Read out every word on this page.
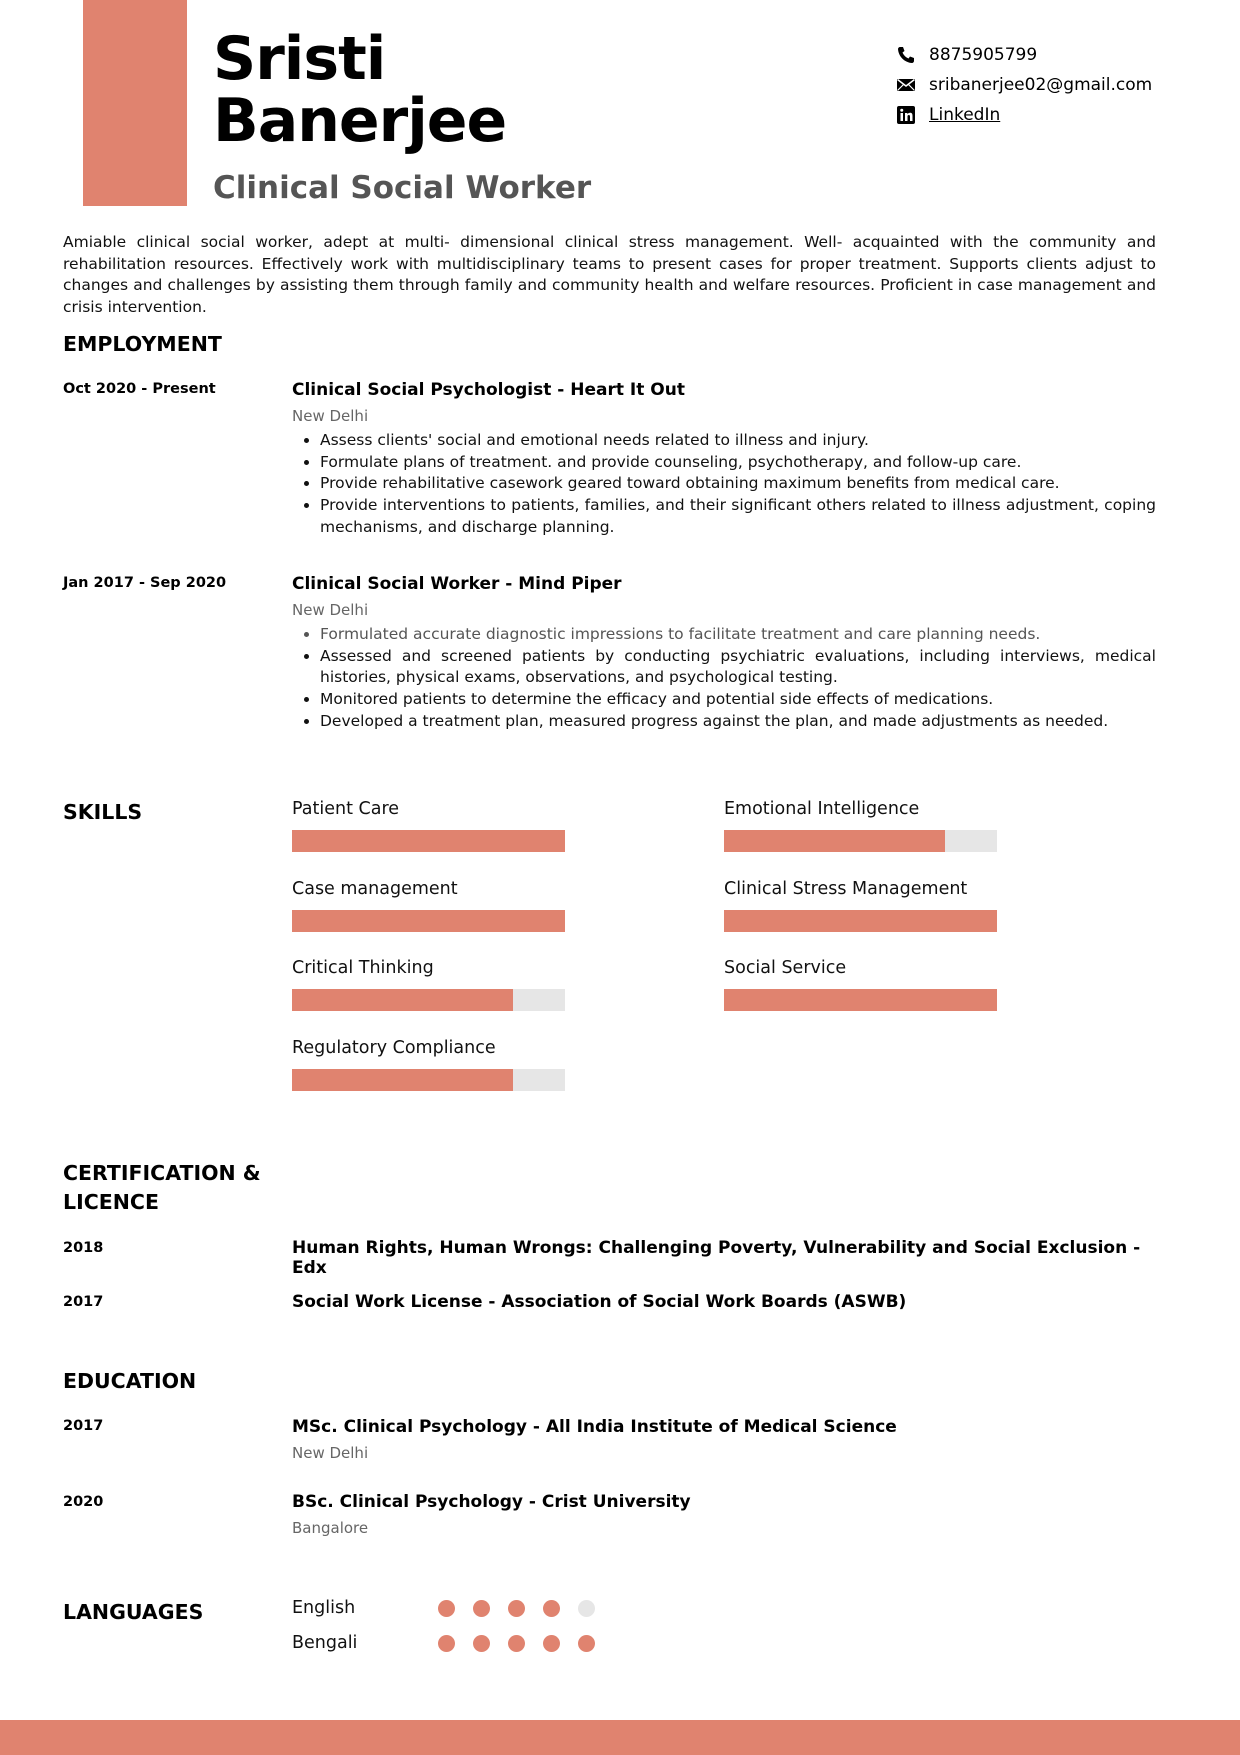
Sristi
Banerjee
Clinical Social Worker
8875905799
sribanerjee02@gmail.com
LinkedIn
Amiable clinical social worker, adept at multi- dimensional clinical stress management. Well- acquainted with the community and rehabilitation resources. Effectively work with multidisciplinary teams to present cases for proper treatment. Supports clients adjust to changes and challenges by assisting them through family and community health and welfare resources. Proficient in case management and crisis intervention.
EMPLOYMENT
Oct 2020 - Present	Clinical Social Psychologist - Heart It Out
New Delhi
• Assess clients' social and emotional needs related to illness and injury.
• Formulate plans of treatment. and provide counseling, psychotherapy, and follow-up care.
• Provide rehabilitative casework geared toward obtaining maximum benefits from medical care.
• Provide interventions to patients, families, and their significant others related to illness adjustment, coping mechanisms, and discharge planning.
Jan 2017 - Sep 2020	Clinical Social Worker - Mind Piper
New Delhi
• Formulated accurate diagnostic impressions to facilitate treatment and care planning needs.
• Assessed and screened patients by conducting psychiatric evaluations, including interviews, medical histories, physical exams, observations, and psychological testing.
• Monitored patients to determine the efficacy and potential side effects of medications.
• Developed a treatment plan, measured progress against the plan, and made adjustments as needed.
SKILLS	Patient Care	Emotional Intelligence
Case management	Clinical Stress Management
Critical Thinking	Social Service
Regulatory Compliance
CERTIFICATION &
LICENCE
2018	Human Rights, Human Wrongs: Challenging Poverty, Vulnerability and Social Exclusion - Edx
2017	Social Work License - Association of Social Work Boards (ASWB)
EDUCATION
2017	MSc. Clinical Psychology - All India Institute of Medical Science
New Delhi
2020	BSc. Clinical Psychology - Crist University
Bangalore
LANGUAGES	English
Bengali
